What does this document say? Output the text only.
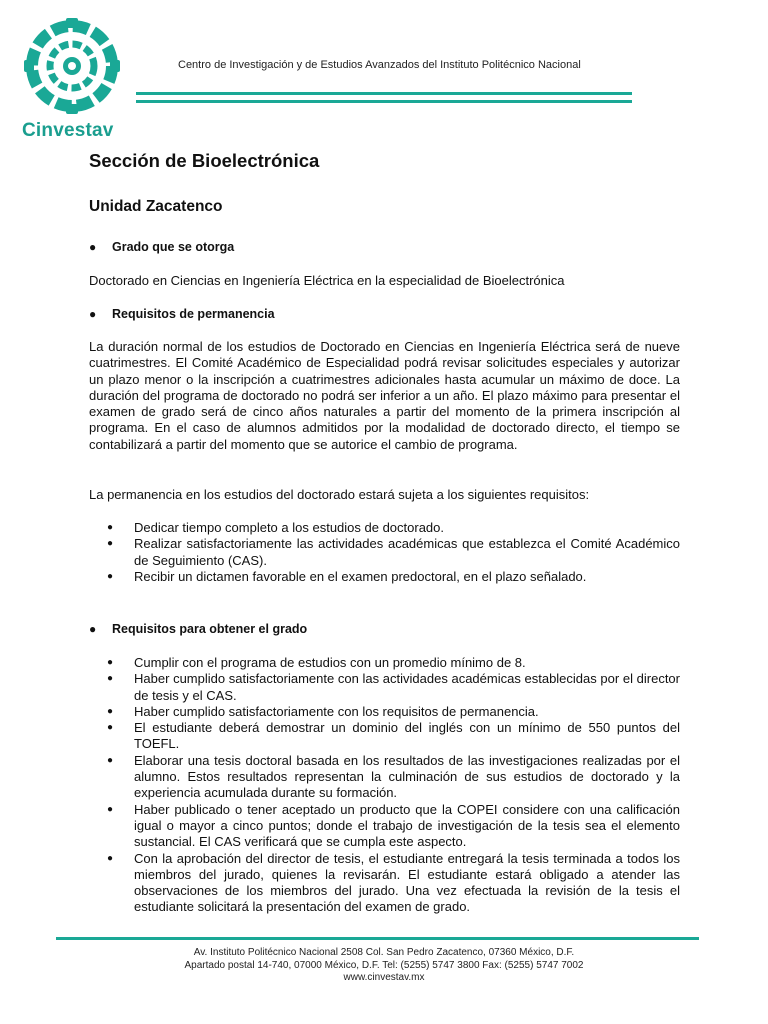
Cinvestav
Centro de Investigación y de Estudios Avanzados del Instituto Politécnico Nacional
Sección de Bioelectrónica
Unidad Zacatenco
● Grado que se otorga

Doctorado en Ciencias en Ingeniería Eléctrica en la especialidad de Bioelectrónica

● Requisitos de permanencia

La duración normal de los estudios de Doctorado en Ciencias en Ingeniería Eléctrica será de nueve cuatrimestres. El Comité Académico de Especialidad podrá revisar solicitudes especiales y autorizar un plazo menor o la inscripción a cuatrimestres adicionales hasta acumular un máximo de doce. La duración del programa de doctorado no podrá ser inferior a un año. El plazo máximo para presentar el examen de grado será de cinco años naturales a partir del momento de la primera inscripción al programa. En el caso de alumnos admitidos por la modalidad de doctorado directo, el tiempo se contabilizará a partir del momento que se autorice el cambio de programa.

La permanencia en los estudios del doctorado estará sujeta a los siguientes requisitos:

● Dedicar tiempo completo a los estudios de doctorado.
● Realizar satisfactoriamente las actividades académicas que establezca el Comité Académico de Seguimiento (CAS).
● Recibir un dictamen favorable en el examen predoctoral, en el plazo señalado.
● Requisitos para obtener el grado
● Cumplir con el programa de estudios con un promedio mínimo de 8.
● Haber cumplido satisfactoriamente con las actividades académicas establecidas por el director de tesis y el CAS.
● Haber cumplido satisfactoriamente con los requisitos de permanencia.
● El estudiante deberá demostrar un dominio del inglés con un mínimo de 550 puntos del TOEFL.
● Elaborar una tesis doctoral basada en los resultados de las investigaciones realizadas por el alumno. Estos resultados representan la culminación de sus estudios de doctorado y la experiencia acumulada durante su formación.
● Haber publicado o tener aceptado un producto que la COPEI considere con una calificación igual o mayor a cinco puntos; donde el trabajo de investigación de la tesis sea el elemento sustancial. El CAS verificará que se cumpla este aspecto.
● Con la aprobación del director de tesis, el estudiante entregará la tesis terminada a todos los miembros del jurado, quienes la revisarán. El estudiante estará obligado a atender las observaciones de los miembros del jurado. Una vez efectuada la revisión de la tesis el estudiante solicitará la presentación del examen de grado.
Av. Instituto Politécnico Nacional 2508 Col. San Pedro Zacatenco, 07360 México, D.F.
Apartado postal 14-740, 07000 México, D.F. Tel: (5255) 5747 3800 Fax: (5255) 5747 7002
www.cinvestav.mx
